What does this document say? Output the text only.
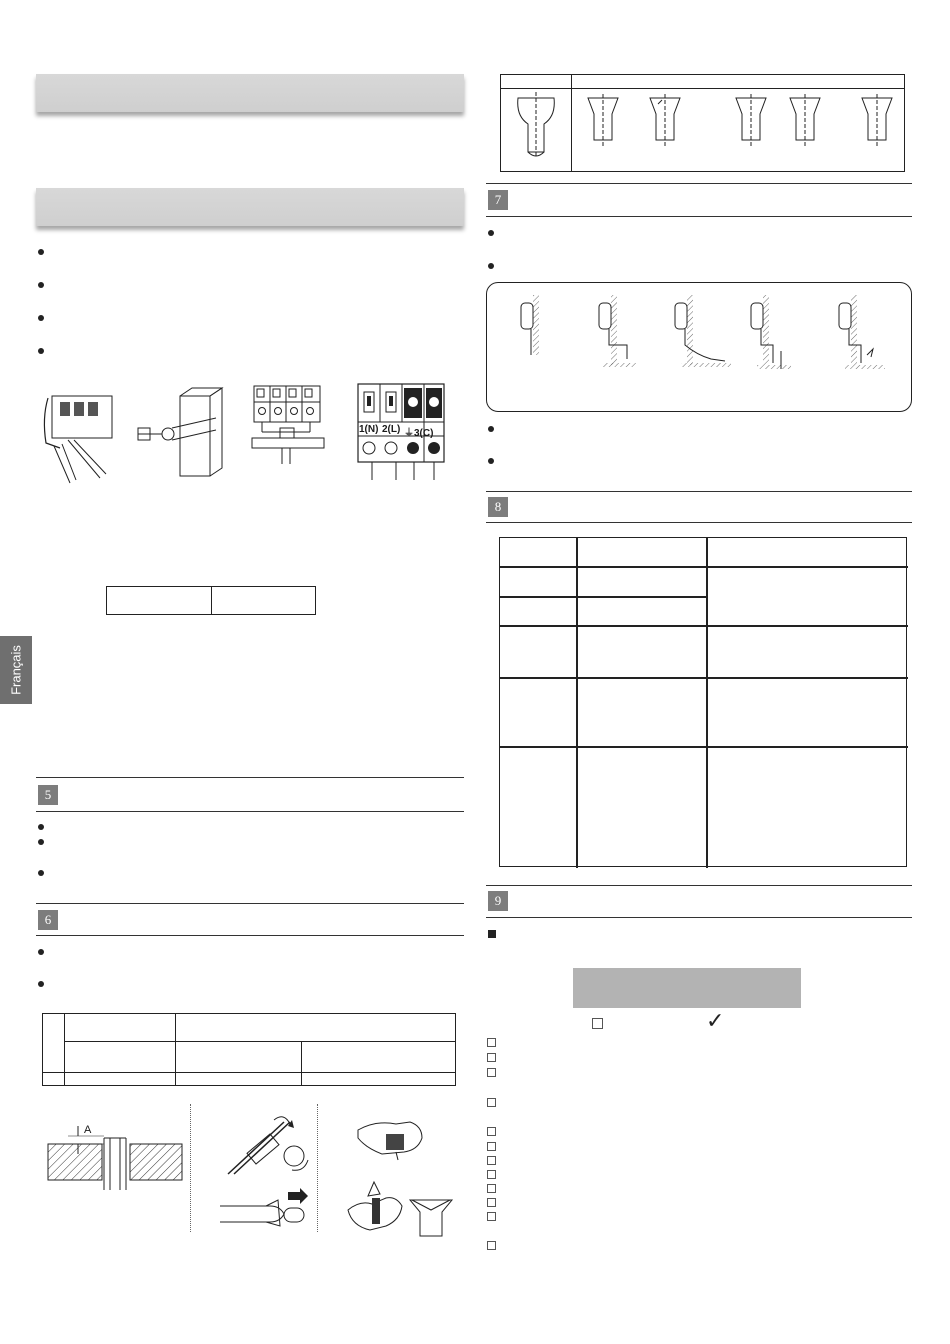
1(N) 2(L) ⏚3(C)

Français
5
6
A
7
8
9
✓
